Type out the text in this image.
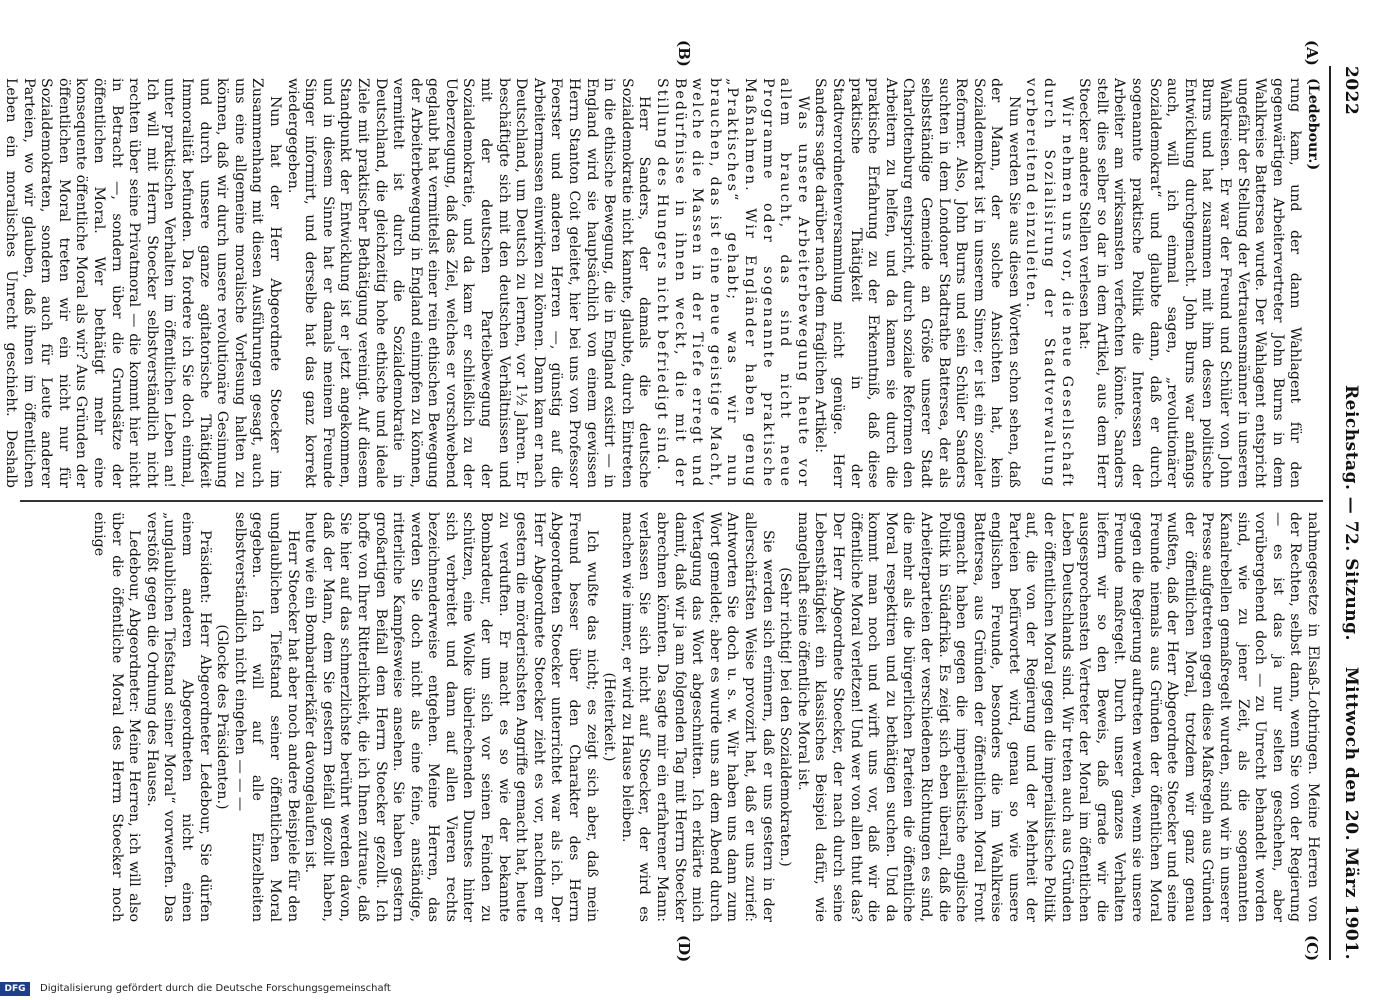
2022
Reichstag. — 72. Sitzung.
Mittwoch den 20. März 1901.
(A)
(B)
(C)
(D)

(Ledebour.)

rung kam, und der dann Wahlagent für den gegenwärtigen Arbeitervertreter John Burns in dem Wahlkreise Battersea wurde. Der Wahlagent entspricht ungefähr der Stellung der Vertrauensmänner in unseren Wahlkreisen. Er war der Freund und Schüler von John Burns und hat zusammen mit ihm dessen politische Entwicklung durchgemacht. John Burns war anfangs auch, will ich einmal sagen, „revolutionärer Sozialdemokrat“ und glaubte dann, daß er durch sogenannte praktische Politik die Interessen der Arbeiter am wirksamsten verfechten könnte. Sanders stellt dies selber so dar in dem Artikel, aus dem Herr Stoecker andere Stellen verlesen hat:

Wir nehmen uns vor, die neue Gesellschaft durch Sozialisirung der Stadtverwaltung vorbereitend einzuleiten.

Nun werden Sie aus diesen Worten schon sehen, daß der Mann, der solche Ansichten hat, kein Sozialdemokrat ist in unserem Sinne; er ist ein sozialer Reformer. Also, John Burns und sein Schüler Sanders suchten in dem Londoner Stadtrathe Battersea, der als selbstständige Gemeinde an Größe unserer Stadt Charlottenburg entspricht, durch soziale Reformen den Arbeitern zu helfen, und da kamen sie durch die praktische Erfahrung zu der Erkenntniß, daß diese praktische Thätigkeit in der Stadtverordnetenversammlung nicht genüge. Herr Sanders sagte darüber nach dem fraglichen Artikel:

Was unsere Arbeiterbewegung heute vor allem braucht, das sind nicht neue Programme oder sogenannte praktische Maßnahmen. Wir Engländer haben genug „Praktisches“ gehabt; was wir nun brauchen, das ist eine neue geistige Macht, welche die Massen in der Tiefe erregt und Bedürfnisse in ihnen weckt, die mit der Stillung des Hungers nicht befriedigt sind.

Herr Sanders, der damals die deutsche Sozialdemokratie nicht kannte, glaubte, durch Eintreten in die ethische Bewegung, die in England existirt — in England wird sie hauptsächlich von einem gewissen Herrn Stanton Coit geleitet, hier bei uns von Professor Foerster und anderen Herren —, günstig auf die Arbeitermassen einwirken zu können. Dann kam er nach Deutschland, um Deutsch zu lernen, vor 1½ Jahren. Er beschäftigte sich mit den deutschen Verhältnissen und mit der deutschen Parteibewegung der Sozialdemokratie, und da kam er schließlich zu der Ueberzeugung, daß das Ziel, welches er vorschwebend geglaubt hat vermittelst einer rein ethischen Bewegung der Arbeiterbewegung in England einimpfen zu können, vermittelt ist durch die Sozialdemokratie in Deutschland, die gleichzeitig hohe ethische und ideale Ziele mit praktischer Bethätigung vereinigt. Auf diesem Standpunkt der Entwicklung ist er jetzt angekommen, und in diesem Sinne hat er damals meinem Freunde Singer informirt, und derselbe hat das ganz korrekt wiedergegeben.

Nun hat der Herr Abgeordnete Stoecker im Zusammenhang mit diesen Ausführungen gesagt, auch uns eine allgemeine moralische Vorlesung halten zu können, daß wir durch unsere revolutionäre Gesinnung und durch unsere ganze agitatorische Thätigkeit Immoralität befunden. Da fordere ich Sie doch einmal, unter praktischen Verhalten im öffentlichen Leben an! Ich will mit Herrn Stoecker selbstverständlich nicht rechten über seine Privatmoral — die kommt hier nicht in Betracht —, sondern über die Grundsätze der öffentlichen Moral. Wer bethätigt mehr eine konsequente öffentliche Moral als wir? Aus Gründen der öffentlichen Moral treten wir ein nicht nur für Sozialdemokraten, sondern auch für Leute anderer Parteien, wo wir glauben, daß ihnen im öffentlichen Leben ein moralisches Unrecht geschieht. Deshalb

nahmegesetze in Elsaß-Lothringen. Meine Herren von der Rechten, selbst dann, wenn Sie von der Regierung — es ist das ja nur selten geschehen, aber vorübergehend doch — zu Unrecht behandelt worden sind, wie zu jener Zeit, als die sogenannten Kanalrebellen gemaßregelt wurden, sind wir in unserer Presse aufgetreten gegen diese Maßregeln aus Gründen der öffentlichen Moral, trotzdem wir ganz genau wußten, daß der Herr Abgeordnete Stoecker und seine Freunde niemals aus Gründen der öffentlichen Moral gegen die Regierung auftreten werden, wenn sie unsere Freunde maßregelt. Durch unser ganzes Verhalten liefern wir so den Beweis, daß grade wir die ausgesprochensten Vertreter der Moral im öffentlichen Leben Deutschlands sind. Wir treten auch aus Gründen der öffentlichen Moral gegen die imperialistische Politik auf, die von der Regierung und der Mehrheit der Parteien befürwortet wird, genau so wie unsere englischen Freunde, besonders die im Wahlkreise Battersea, aus Gründen der öffentlichen Moral Front gemacht haben gegen die imperialistische englische Politik in Südafrika. Es zeigt sich eben überall, daß die Arbeiterparteien der verschiedenen Richtungen es sind, die mehr als die bürgerlichen Parteien die öffentliche Moral respektiren und zu bethätigen suchen. Und da kommt man noch und wirft uns vor, daß wir die öffentliche Moral verletzen! Und wer von allen thut das? Der Herr Abgeordnete Stoecker, der nach durch seine Lebensthätigkeit ein klassisches Beispiel dafür, wie mangelhaft seine öffentliche Moral ist.

(Sehr richtig! bei den Sozialdemokraten.)

Sie werden sich erinnern, daß er uns gestern in der allerschärfsten Weise provozirt hat, daß er uns zurief: Antworten Sie doch u. s. w. Wir haben uns dann zum Wort gemeldet; aber es wurde uns an dem Abend durch Vertagung das Wort abgeschnitten. Ich erklärte mich damit, daß wir ja am folgenden Tag mit Herrn Stoecker abrechnen könnten. Da sagte mir ein erfahrener Mann: verlassen Sie sich nicht auf Stoecker, der wird es machen wie immer, er wird zu Hause bleiben.

(Heiterkeit.)

Ich wußte das nicht; es zeigt sich aber, daß mein Freund besser über den Charakter des Herrn Abgeordneten Stoecker unterrichtet war als ich. Der Herr Abgeordnete Stoecker zieht es vor, nachdem er gestern die mörderischsten Angriffe gemacht hat, heute zu verduften. Er macht es so wie der bekannte Bombardeur, der um sich vor seinen Feinden zu schützen, eine Wolke übelriechenden Dunstes hinter sich verbreitet und dann auf allen Vieren rechts bezeichnenderweise entgehen. Meine Herren, das werden Sie doch nicht als eine feine, anständige, ritterliche Kampfesweise ansehen. Sie haben gestern großartigen Beifall dem Herrn Stoecker gezollt. Ich hoffe von Ihrer Ritterlichkeit, die ich Ihnen zutraue, daß Sie hier auf das schmerzlichste berührt werden davon, daß der Mann, dem Sie gestern Beifall gezollt haben, heute wie ein Bombardierkäfer davongelaufen ist.

Herr Stoecker hat aber noch andere Beispiele für den unglaublichen Tiefstand seiner öffentlichen Moral gegeben. Ich will auf alle Einzelheiten selbstverständlich nicht eingehen — — —

(Glocke des Präsidenten.)

Präsident: Herr Abgeordneter Ledebour, Sie dürfen einem anderen Abgeordneten nicht einen „unglaublichen Tiefstand seiner Moral“ vorwerfen. Das verstößt gegen die Ordnung des Hauses.

Ledebour, Abgeordneter: Meine Herren, ich will also über die öffentliche Moral des Herrn Stoecker noch einige

DFG	Digitalisierung gefördert durch die Deutsche Forschungsgemeinschaft
